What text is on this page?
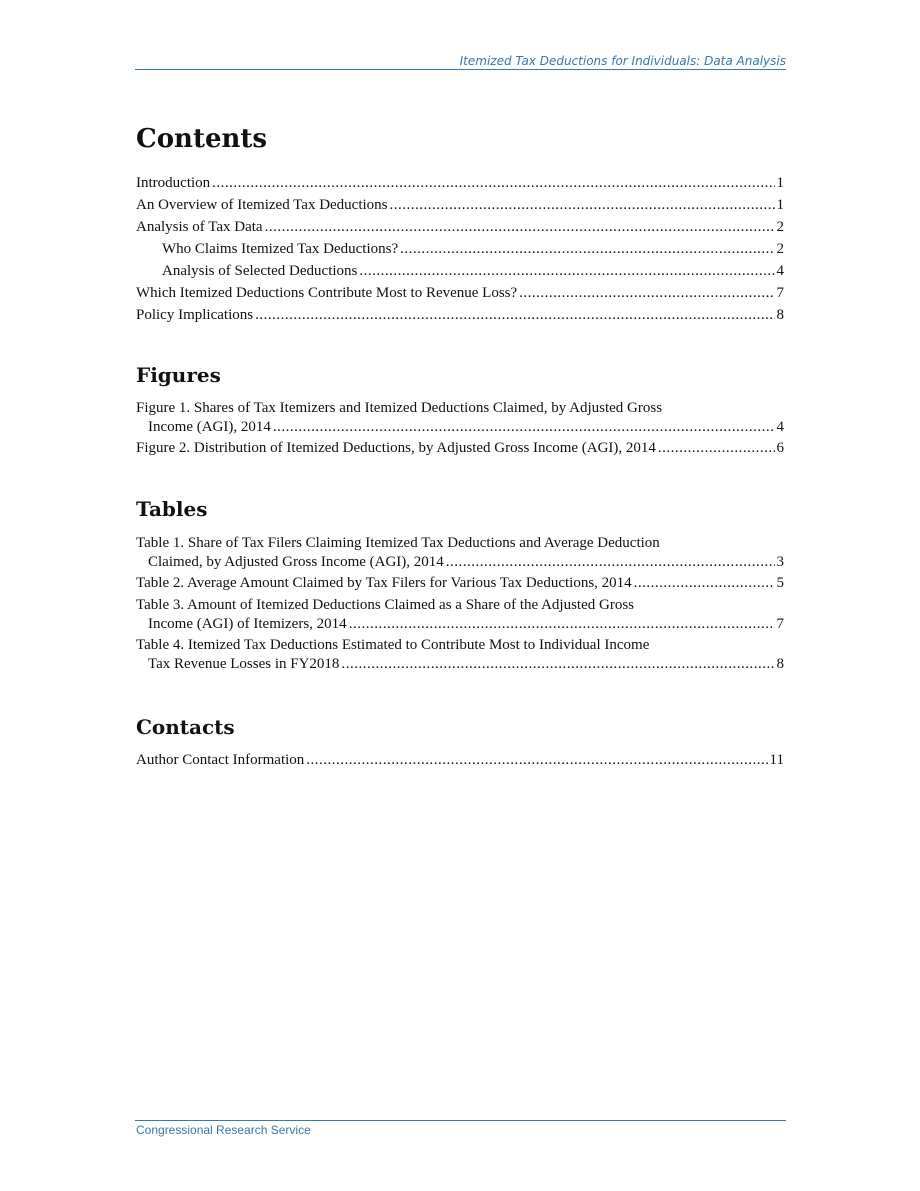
Itemized Tax Deductions for Individuals: Data Analysis
Contents
Introduction .....	1
An Overview of Itemized Tax Deductions .....	1
Analysis of Tax Data .....	2
Who Claims Itemized Tax Deductions? .....	2
Analysis of Selected Deductions .....	4
Which Itemized Deductions Contribute Most to Revenue Loss? .....	7
Policy Implications .....	8
Figures
Figure 1. Shares of Tax Itemizers and Itemized Deductions Claimed, by Adjusted Gross
Income (AGI), 2014 .....	4
Figure 2. Distribution of Itemized Deductions, by Adjusted Gross Income (AGI), 2014 .....	6
Tables
Table 1. Share of Tax Filers Claiming Itemized Tax Deductions and Average Deduction
Claimed, by Adjusted Gross Income (AGI), 2014 .....	3
Table 2. Average Amount Claimed by Tax Filers for Various Tax Deductions, 2014 .....	5
Table 3. Amount of Itemized Deductions Claimed as a Share of the Adjusted Gross
Income (AGI) of Itemizers, 2014 .....	7
Table 4. Itemized Tax Deductions Estimated to Contribute Most to Individual Income
Tax Revenue Losses in FY2018 .....	8
Contacts
Author Contact Information .....	11
Congressional Research Service
